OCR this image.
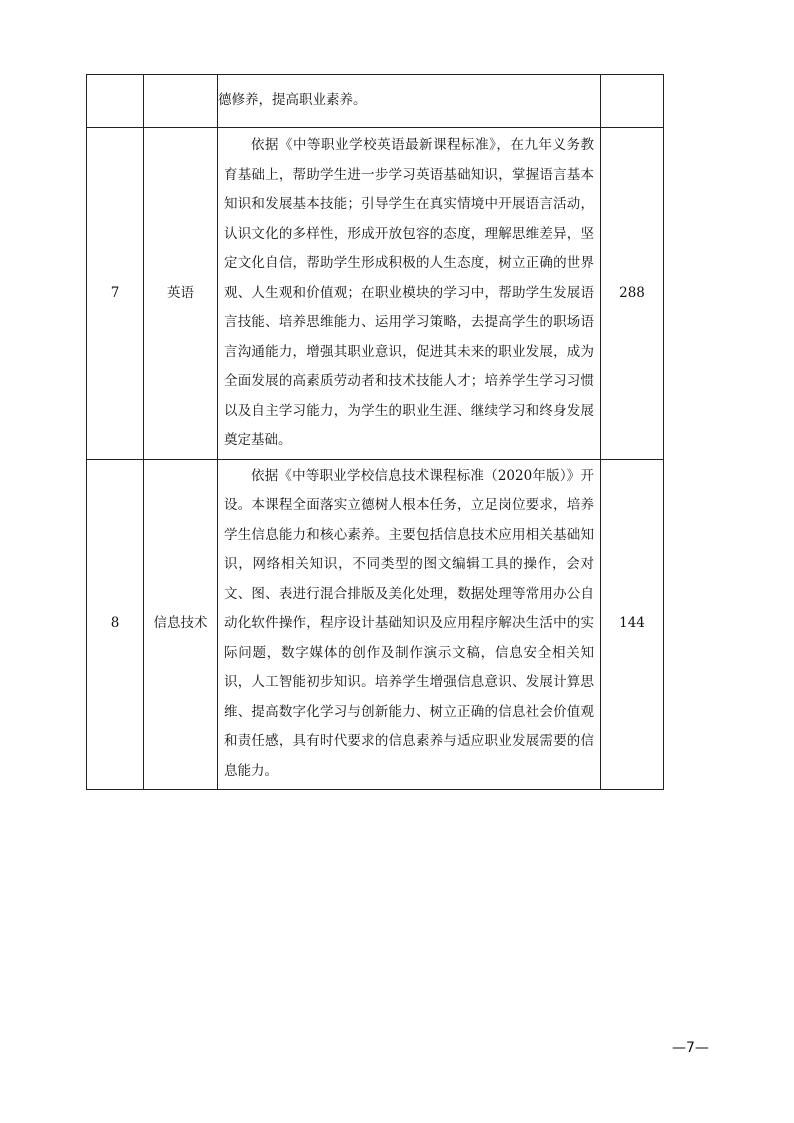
		德修养，提高职业素养。	

7	英语	依据《中等职业学校英语最新课程标准》，在九年义务教育基础上，帮助学生进一步学习英语基础知识，掌握语言基本知识和发展基本技能；引导学生在真实情境中开展语言活动，认识文化的多样性，形成开放包容的态度，理解思维差异，坚定文化自信，帮助学生形成积极的人生态度，树立正确的世界观、人生观和价值观；在职业模块的学习中，帮助学生发展语言技能、培养思维能力、运用学习策略，去提高学生的职场语言沟通能力，增强其职业意识，促进其未来的职业发展，成为全面发展的高素质劳动者和技术技能人才；培养学生学习习惯以及自主学习能力，为学生的职业生涯、继续学习和终身发展奠定基础。	288
8	信息技术	依据《中等职业学校信息技术课程标准（2020年版）》开设。本课程全面落实立德树人根本任务，立足岗位要求，培养学生信息能力和核心素养。主要包括信息技术应用相关基础知识，网络相关知识，不同类型的图文编辑工具的操作，会对文、图、表进行混合排版及美化处理，数据处理等常用办公自动化软件操作，程序设计基础知识及应用程序解决生活中的实际问题，数字媒体的创作及制作演示文稿，信息安全相关知识，人工智能初步知识。培养学生增强信息意识、发展计算思维、提高数字化学习与创新能力、树立正确的信息社会价值观和责任感，具有时代要求的信息素养与适应职业发展需要的信息能力。	144
—7—
